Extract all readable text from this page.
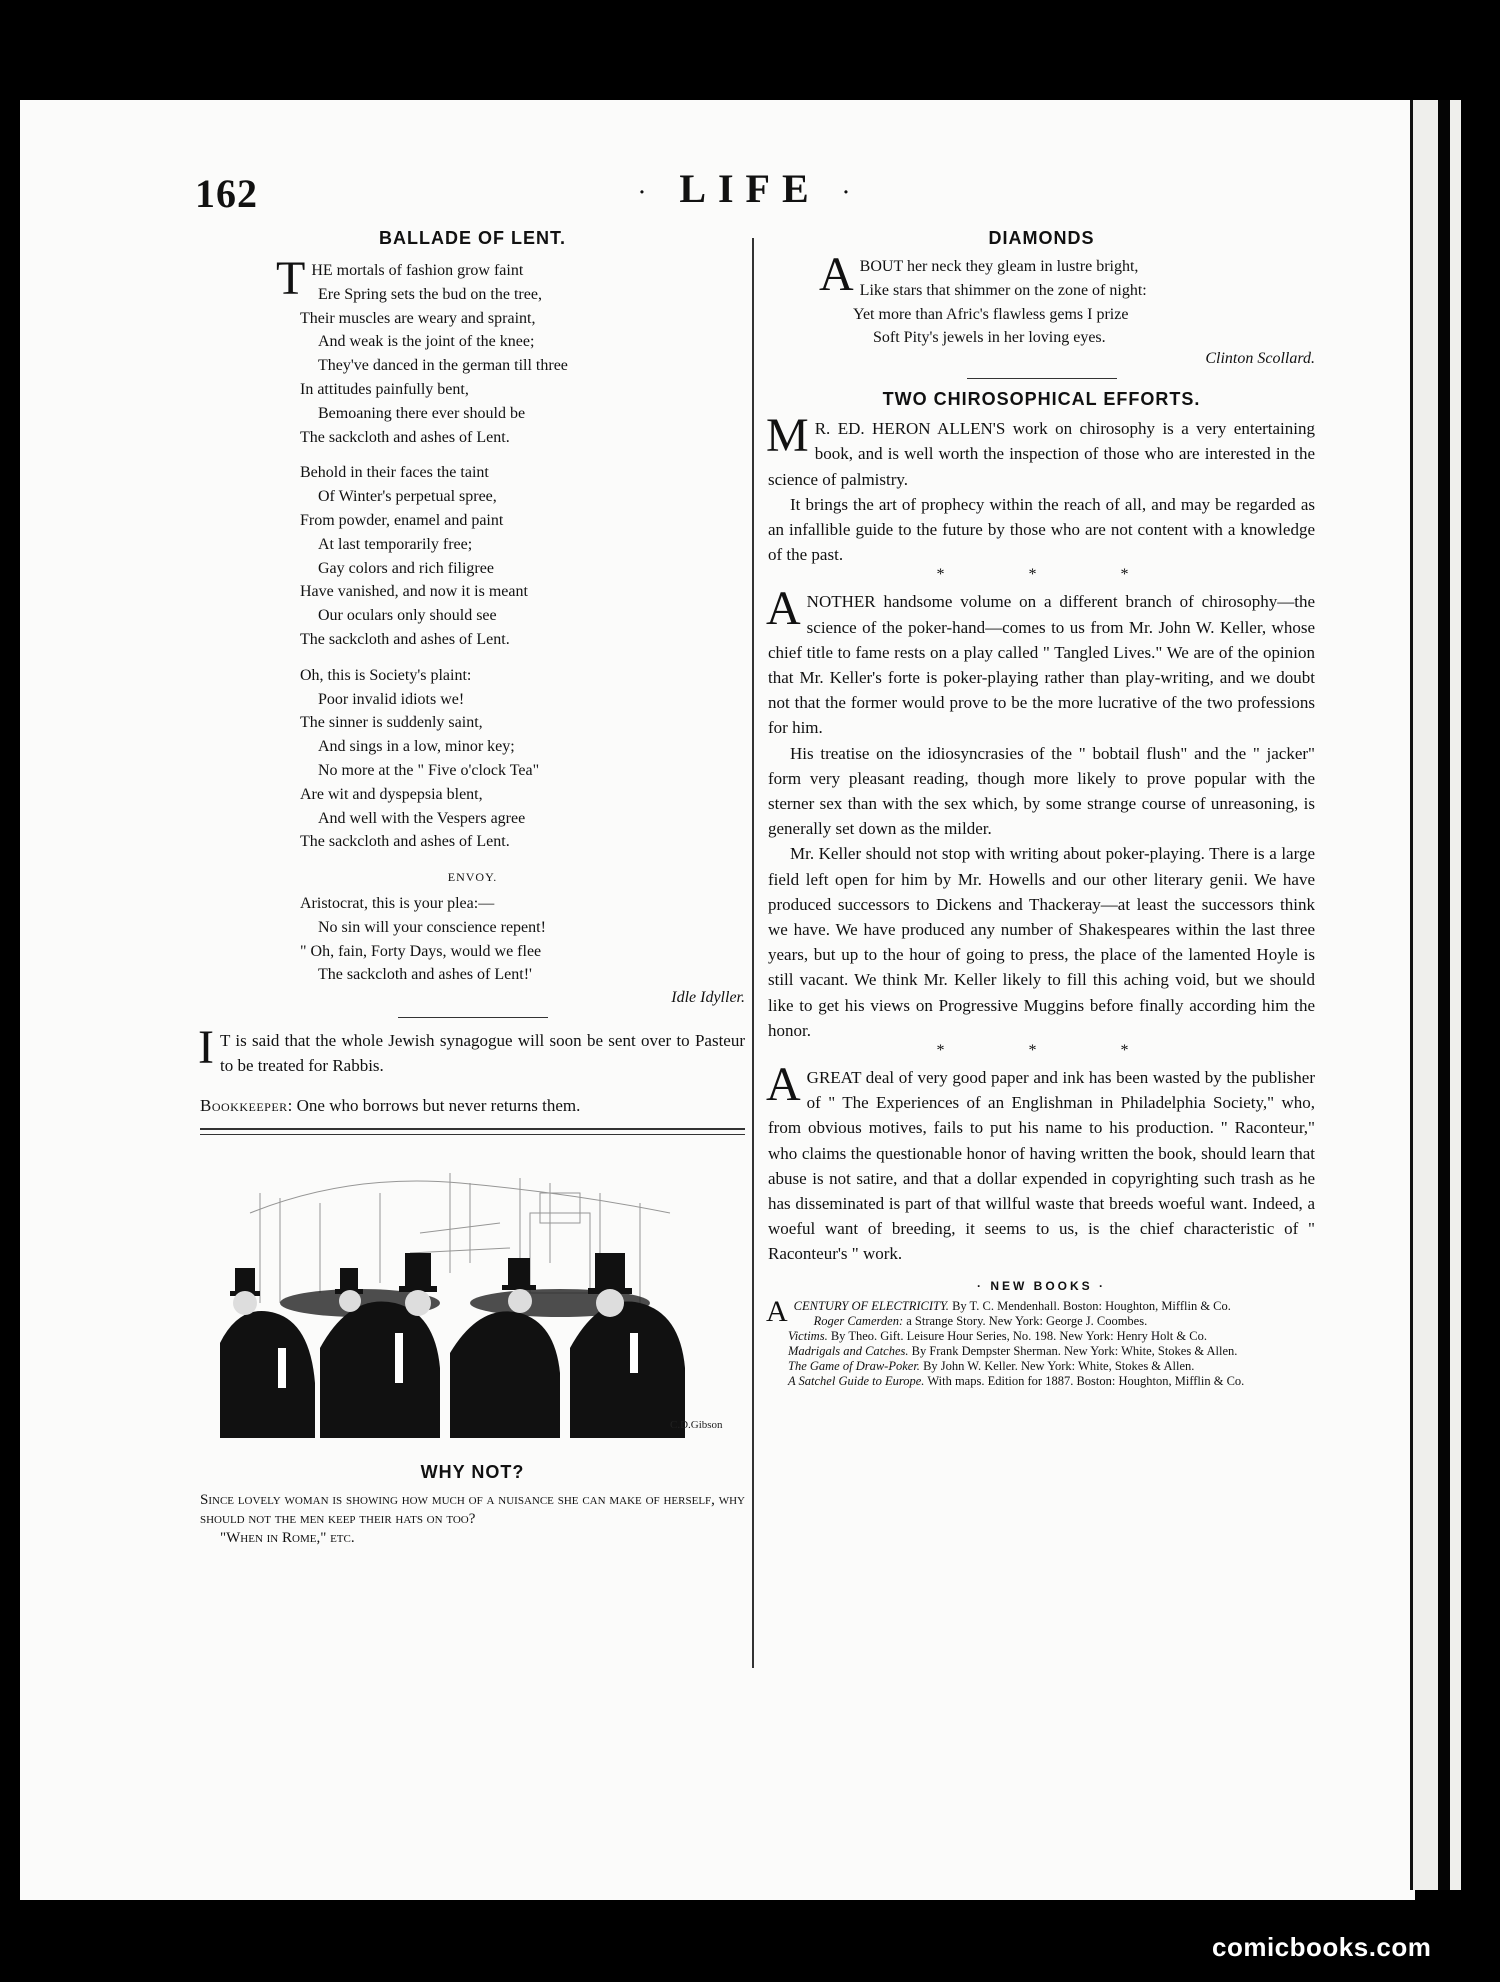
162	· LIFE ·
BALLADE OF LENT.

THE mortals of fashion grow faint

Ere Spring sets the bud on the tree,

Their muscles are weary and spraint,

And weak is the joint of the knee;

They've danced in the german till three

In attitudes painfully bent,

Bemoaning there ever should be

The sackcloth and ashes of Lent.

Behold in their faces the taint

Of Winter's perpetual spree,

From powder, enamel and paint

At last temporarily free;

Gay colors and rich filigree

Have vanished, and now it is meant

Our oculars only should see

The sackcloth and ashes of Lent.

Oh, this is Society's plaint:

Poor invalid idiots we!

The sinner is suddenly saint,

And sings in a low, minor key;

No more at the " Five o'clock Tea"

Are wit and dyspepsia blent,

And well with the Vespers agree

The sackcloth and ashes of Lent.

ENVOY.

Aristocrat, this is your plea:—

No sin will your conscience repent!

" Oh, fain, Forty Days, would we flee

The sackcloth and ashes of Lent!'

Idle Idyller.

I T is said that the whole Jewish synagogue will soon be sent over to Pasteur to be treated for Rabbis.

Bookkeeper: One who borrows but never returns them.

C.D.Gibson
WHY NOT?
Since lovely woman is showing how much of a nuisance she can make of herself, why should not the men keep their hats on too?
"When in Rome," etc.
DIAMONDS

ABOUT her neck they gleam in lustre bright,

Like stars that shimmer on the zone of night:

Yet more than Afric's flawless gems I prize

Soft Pity's jewels in her loving eyes.

Clinton Scollard.
TWO CHIROSOPHICAL EFFORTS.

M R. ED. HERON ALLEN'S work on chirosophy is a very entertaining book, and is well worth the inspection of those who are interested in the science of palmistry.

It brings the art of prophecy within the reach of all, and may be regarded as an infallible guide to the future by those who are not content with a knowledge of the past.

* * *

ANOTHER handsome volume on a different branch of chirosophy—the science of the poker-hand—comes to us from Mr. John W. Keller, whose chief title to fame rests on a play called " Tangled Lives." We are of the opinion that Mr. Keller's forte is poker-playing rather than play-writing, and we doubt not that the former would prove to be the more lucrative of the two professions for him.

His treatise on the idiosyncrasies of the " bobtail flush" and the " jacker" form very pleasant reading, though more likely to prove popular with the sterner sex than with the sex which, by some strange course of unreasoning, is generally set down as the milder.

Mr. Keller should not stop with writing about poker-playing. There is a large field left open for him by Mr. Howells and our other literary genii. We have produced successors to Dickens and Thackeray—at least the successors think we have. We have produced any number of Shakespeares within the last three years, but up to the hour of going to press, the place of the lamented Hoyle is still vacant. We think Mr. Keller likely to fill this aching void, but we should like to get his views on Progressive Muggins before finally according him the honor.

* * *

AGREAT deal of very good paper and ink has been wasted by the publisher of " The Experiences of an Englishman in Philadelphia Society," who, from obvious motives, fails to put his name to his production. " Raconteur," who claims the questionable honor of having written the book, should learn that abuse is not satire, and that a dollar expended in copyrighting such trash as he has disseminated is part of that willful waste that breeds woeful want. Indeed, a woeful want of breeding, it seems to us, is the chief characteristic of " Raconteur's " work.

· NEW BOOKS ·

ACENTURY OF ELECTRICITY. By T. C. Mendenhall. Boston: Houghton, Mifflin & Co.

Roger Camerden: a Strange Story. New York: George J. Coombes.

Victims. By Theo. Gift. Leisure Hour Series, No. 198. New York: Henry Holt & Co.

Madrigals and Catches. By Frank Dempster Sherman. New York: White, Stokes & Allen.

The Game of Draw-Poker. By John W. Keller. New York: White, Stokes & Allen.

A Satchel Guide to Europe. With maps. Edition for 1887. Boston: Houghton, Mifflin & Co.

comicbooks.com
